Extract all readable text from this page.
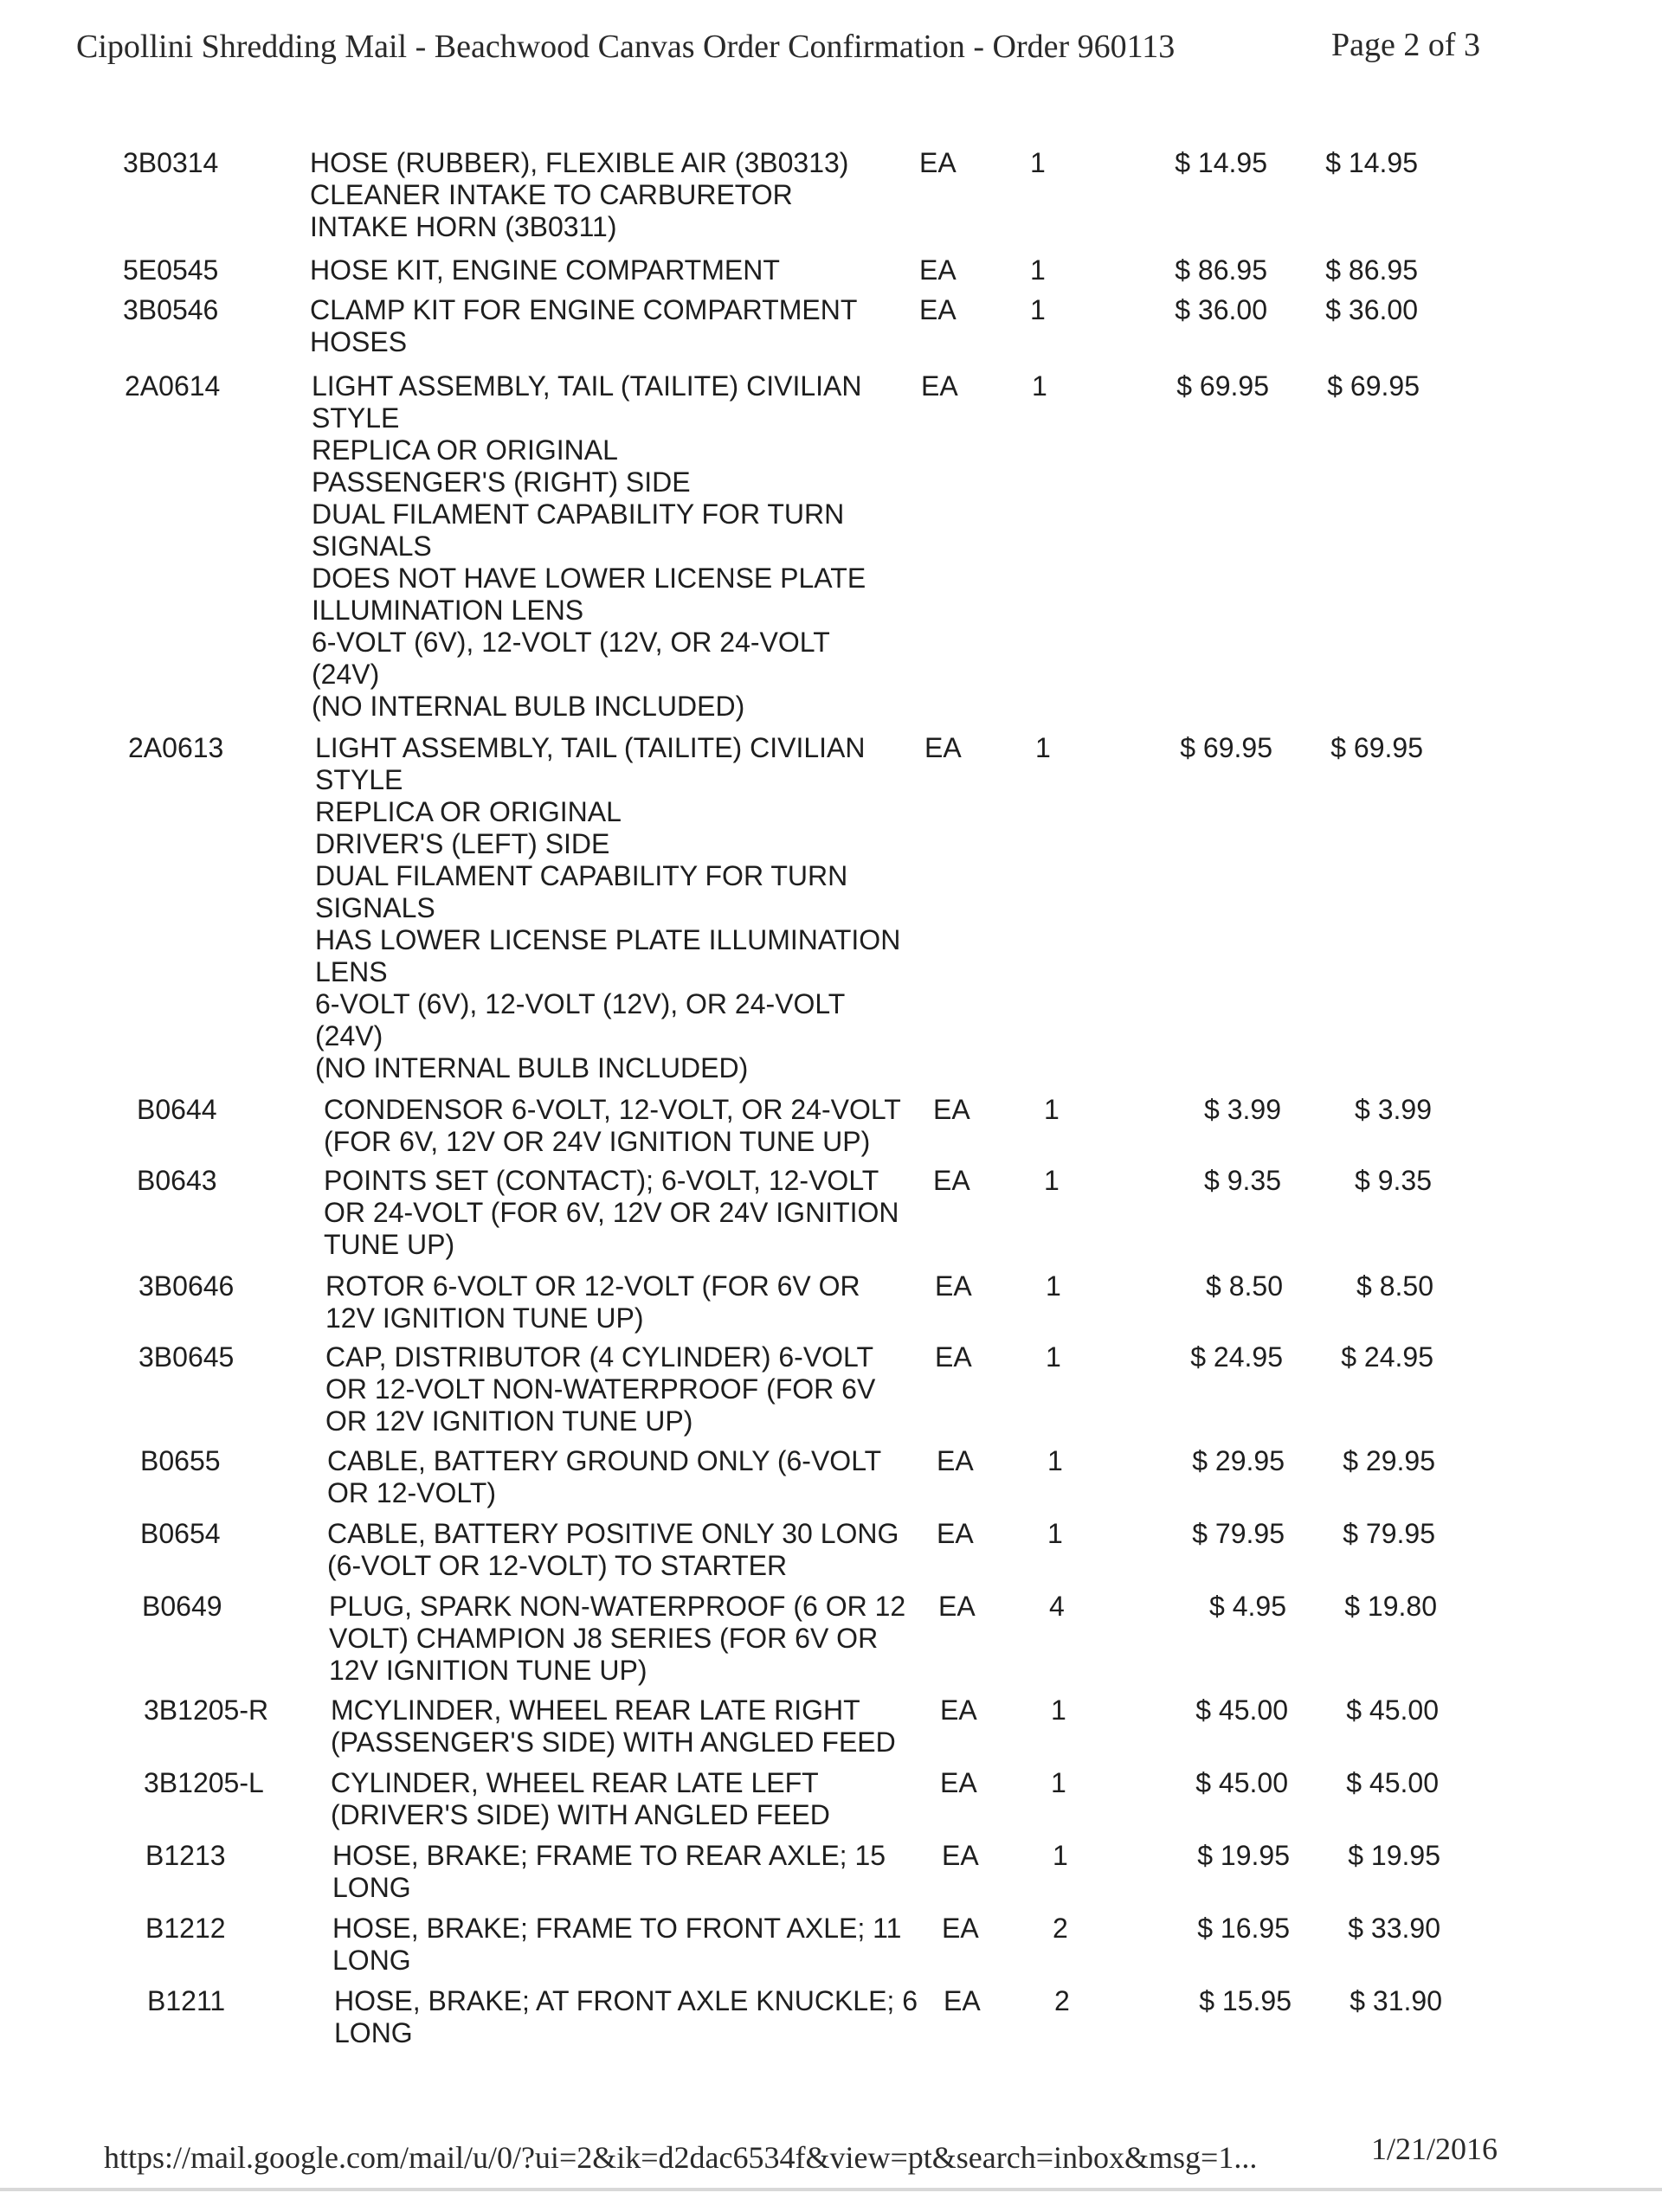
Cipollini Shredding Mail - Beachwood Canvas Order Confirmation - Order 960113	Page 2 of 3
3B0314	HOSE (RUBBER), FLEXIBLE AIR (3B0313)
CLEANER INTAKE TO CARBURETOR
INTAKE HORN (3B0311)
EA	1	$ 14.95	$ 14.95
5E0545	HOSE KIT, ENGINE COMPARTMENT	EA	1	$ 86.95	$ 86.95
3B0546	CLAMP KIT FOR ENGINE COMPARTMENT
HOSES
EA	1	$ 36.00	$ 36.00
2A0614	LIGHT ASSEMBLY, TAIL (TAILITE) CIVILIAN
STYLE
REPLICA OR ORIGINAL
PASSENGER'S (RIGHT) SIDE
DUAL FILAMENT CAPABILITY FOR TURN
SIGNALS
DOES NOT HAVE LOWER LICENSE PLATE
ILLUMINATION LENS
6-VOLT (6V), 12-VOLT (12V, OR 24-VOLT
(24V)
(NO INTERNAL BULB INCLUDED)
EA	1	$ 69.95	$ 69.95
2A0613	LIGHT ASSEMBLY, TAIL (TAILITE) CIVILIAN
STYLE
REPLICA OR ORIGINAL
DRIVER'S (LEFT) SIDE
DUAL FILAMENT CAPABILITY FOR TURN
SIGNALS
HAS LOWER LICENSE PLATE ILLUMINATION
LENS
6-VOLT (6V), 12-VOLT (12V), OR 24-VOLT
(24V)
(NO INTERNAL BULB INCLUDED)
EA	1	$ 69.95	$ 69.95
B0644	CONDENSOR 6-VOLT, 12-VOLT, OR 24-VOLT
(FOR 6V, 12V OR 24V IGNITION TUNE UP)
EA	1	$ 3.99	$ 3.99
B0643	POINTS SET (CONTACT); 6-VOLT, 12-VOLT
OR 24-VOLT (FOR 6V, 12V OR 24V IGNITION
TUNE UP)
EA	1	$ 9.35	$ 9.35
3B0646	ROTOR 6-VOLT OR 12-VOLT (FOR 6V OR
12V IGNITION TUNE UP)
EA	1	$ 8.50	$ 8.50
3B0645	CAP, DISTRIBUTOR (4 CYLINDER) 6-VOLT
OR 12-VOLT NON-WATERPROOF (FOR 6V
OR 12V IGNITION TUNE UP)
EA	1	$ 24.95	$ 24.95
B0655	CABLE, BATTERY GROUND ONLY (6-VOLT
OR 12-VOLT)
EA	1	$ 29.95	$ 29.95
B0654	CABLE, BATTERY POSITIVE ONLY 30 LONG
(6-VOLT OR 12-VOLT) TO STARTER
EA	1	$ 79.95	$ 79.95
B0649	PLUG, SPARK NON-WATERPROOF (6 OR 12
VOLT) CHAMPION J8 SERIES (FOR 6V OR
12V IGNITION TUNE UP)
EA	4	$ 4.95	$ 19.80
3B1205-R MCYLINDER, WHEEL REAR LATE RIGHT
(PASSENGER'S SIDE) WITH ANGLED FEED
EA	1	$ 45.00	$ 45.00
3B1205-L CYLINDER, WHEEL REAR LATE LEFT
(DRIVER'S SIDE) WITH ANGLED FEED
EA	1	$ 45.00	$ 45.00
B1213	HOSE, BRAKE; FRAME TO REAR AXLE; 15
LONG
EA	1	$ 19.95	$ 19.95
B1212	HOSE, BRAKE; FRAME TO FRONT AXLE; 11
LONG
EA	2	$ 16.95	$ 33.90
B1211	HOSE, BRAKE; AT FRONT AXLE KNUCKLE; 6
LONG
EA	2	$ 15.95	$ 31.90
https://mail.google.com/mail/u/0/?ui=2&ik=d2dac6534f&view=pt&search=inbox&msg=1...	1/21/2016
